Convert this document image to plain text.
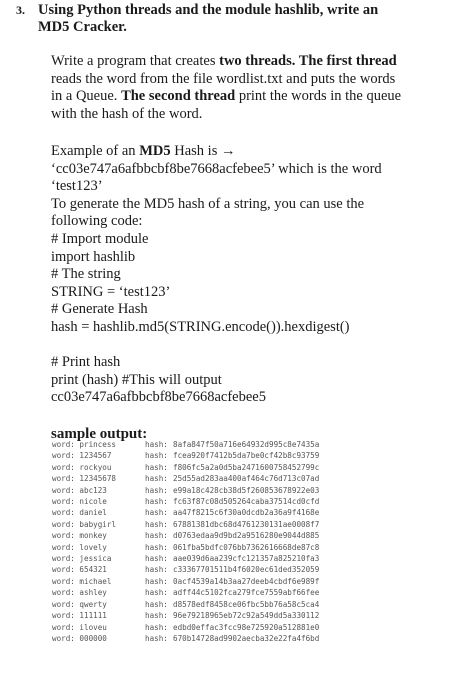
3. Using Python threads and the module hashlib, write an
MD5 Cracker.
Write a program that creates two threads. The first thread
reads the word from the file wordlist.txt and puts the words
in a Queue. The second thread print the words in the queue
with the hash of the word.
Example of an MD5 Hash is →
‘cc03e747a6afbbcbf8be7668acfebee5’ which is the word
‘test123’
To generate the MD5 hash of a string, you can use the
following code:
# Import module
import hashlib
# The string
STRING = ‘test123’
# Generate Hash
hash = hashlib.md5(STRING.encode()).hexdigest()
# Print hash
print (hash) #This will output
cc03e747a6afbbcbf8be7668acfebee5
sample output:
word: princess	hash: 8afa847f50a716e64932d995c8e7435a
word: 1234567	hash: fcea920f7412b5da7be0cf42b8c93759
word: rockyou	hash: f806fc5a2a0d5ba2471600758452799c
word: 12345678	hash: 25d55ad283aa400af464c76d713c07ad
word: abc123	hash: e99a18c428cb38d5f260853678922e03
word: nicole	hash: fc63f87c08d505264caba37514cd0cfd
word: daniel	hash: aa47f8215c6f30a0dcdb2a36a9f4168e
word: babygirl	hash: 67881381dbc68d4761230131ae0008f7
word: monkey	hash: d0763edaa9d9bd2a9516280e9044d885
word: lovely	hash: 061fba5bdfc076bb7362616668de87c8
word: jessica	hash: aae039d6aa239cfc121357a825210fa3
word: 654321	hash: c33367701511b4f6020ec61ded352059
word: michael	hash: 0acf4539a14b3aa27deeb4cbdf6e989f
word: ashley	hash: adff44c5102fca279fce7559abf66fee
word: qwerty	hash: d8578edf8458ce06fbc5bb76a58c5ca4
word: 111111	hash: 96e79218965eb72c92a549dd5a330112
word: iloveu	hash: edbd0effac3fcc98e725920a512881e0
word: 000000	hash: 670b14728ad9902aecba32e22fa4f6bd
